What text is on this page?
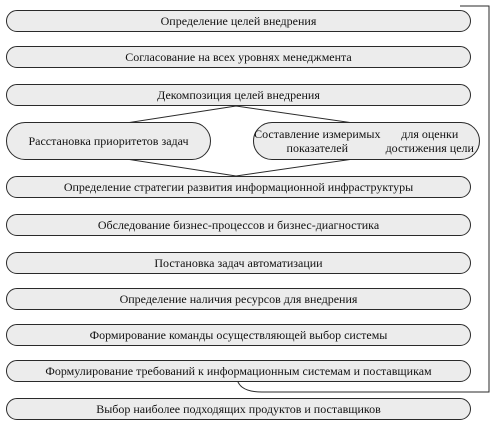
Определение целей внедрения
Согласование на всех уровнях менеджмента
Декомпозиция целей внедрения
Расстановка приоритетов задач	Составление измеримых показателей
для оценки достижения цели
Определение стратегии развития информационной инфраструктуры
Обследование бизнес-процессов и бизнес-диагностика
Постановка задач автоматизации
Определение наличия ресурсов для внедрения
Формирование команды осуществляющей выбор системы
Формулирование требований к информационным системам и поставщикам
Выбор наиболее подходящих продуктов и поставщиков
